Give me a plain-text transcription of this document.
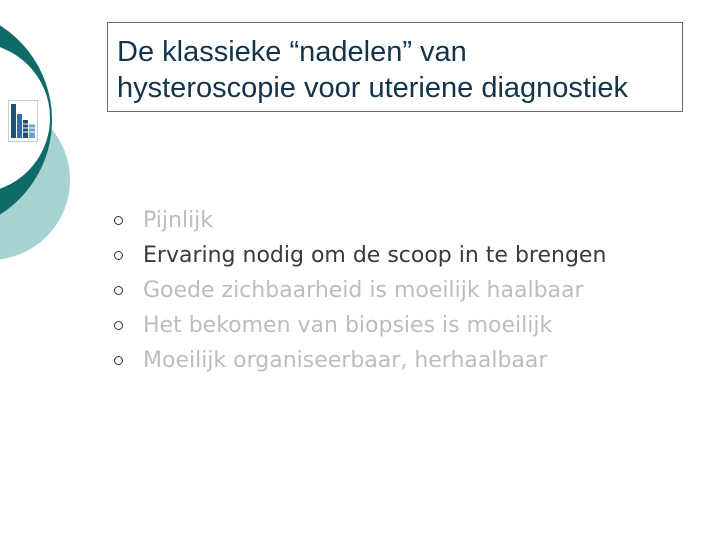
De klassieke “nadelen” van
hysteroscopie voor uteriene diagnostiek
Pijnlijk
Ervaring nodig om de scoop in te brengen
Goede zichbaarheid is moeilijk haalbaar
Het bekomen van biopsies is moeilijk
Moeilijk organiseerbaar, herhaalbaar
